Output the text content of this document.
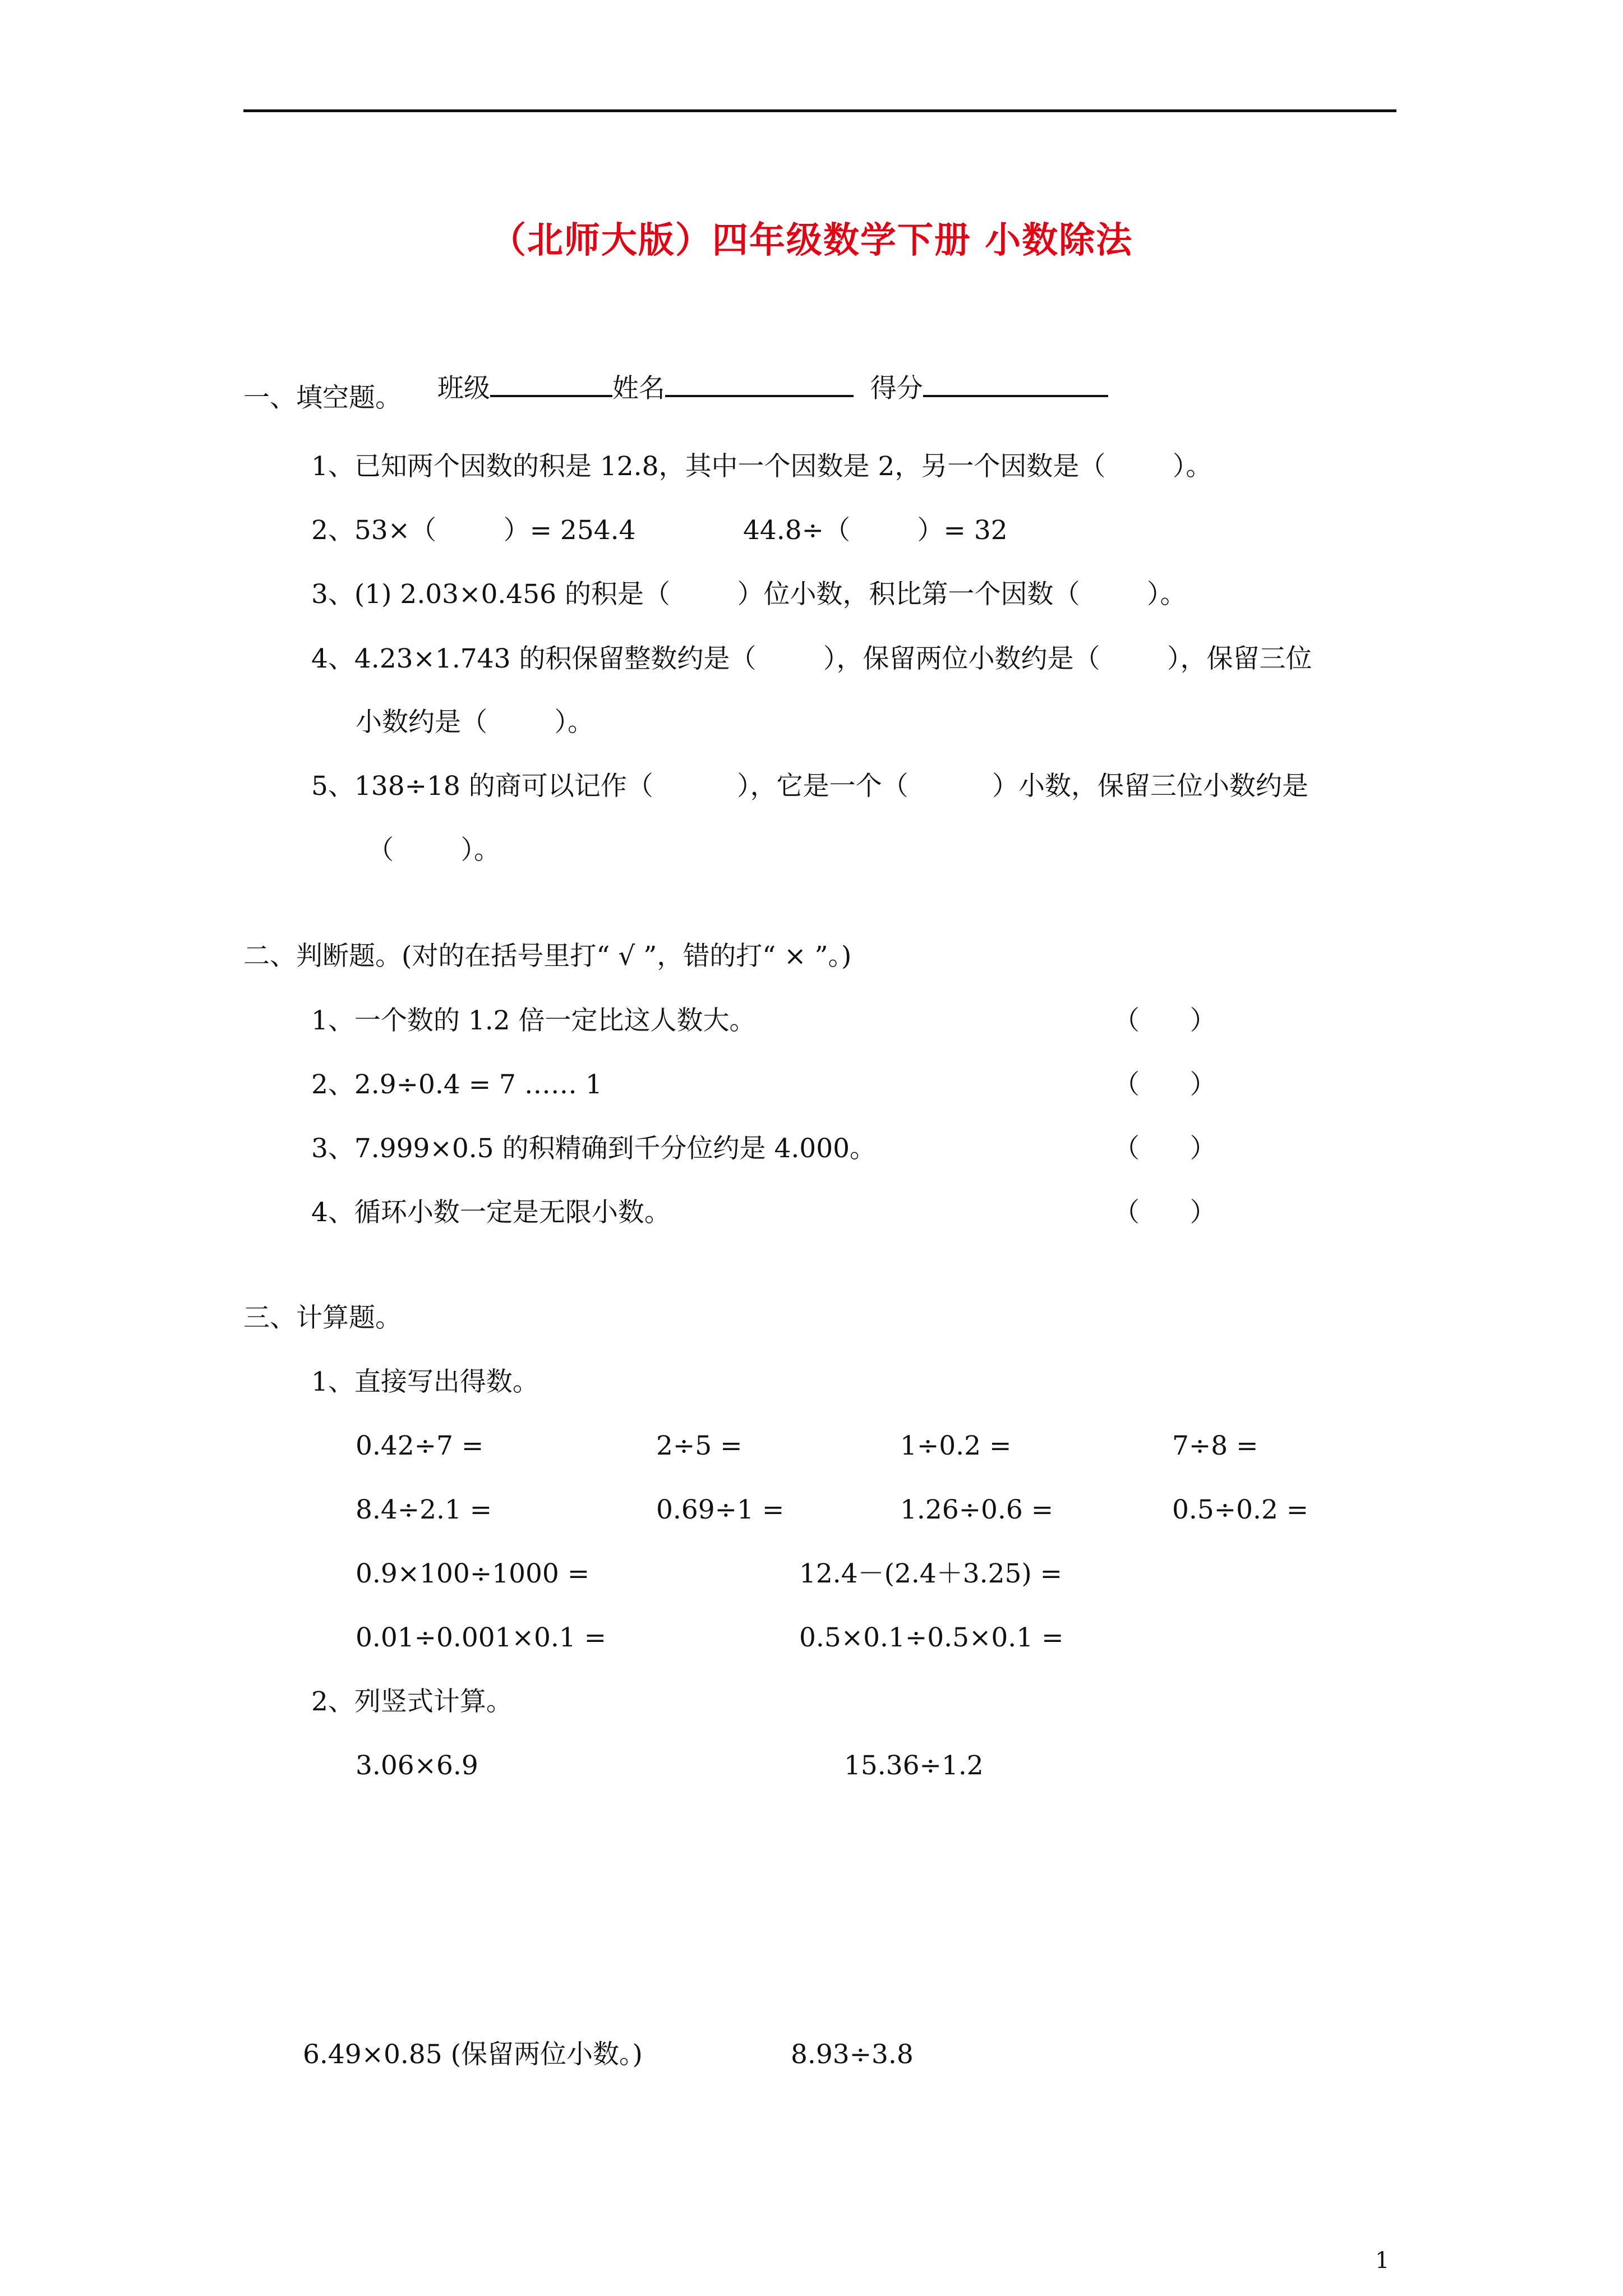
（北师大版）四年级数学下册 小数除法

班级	姓名	得分

一、填空题。
1、已知两个因数的积是 12.8，其中一个因数是 2，另一个因数是（        ）。
2、53×（        ）= 254.4	44.8÷（        ）= 32
3、(1) 2.03×0.456 的积是（        ）位小数，积比第一个因数（        ）。
4、4.23×1.743 的积保留整数约是（        ），保留两位小数约是（        ），保留三位
小数约是（        ）。
5、138÷18 的商可以记作（          ），它是一个（          ）小数，保留三位小数约是
（        ）。
二、判断题。(对的在括号里打“ √ ”，错的打“ × ”。)
1、一个数的 1.2 倍一定比这人数大。	（      ）
2、2.9÷0.4 = 7 …… 1	（      ）
3、7.999×0.5 的积精确到千分位约是 4.000。	（      ）
4、循环小数一定是无限小数。	（      ）
三、计算题。
1、直接写出得数。
0.42÷7 =	2÷5 =	1÷0.2 =	7÷8 =
8.4÷2.1 =	0.69÷1 =	1.26÷0.6 =	0.5÷0.2 =
0.9×100÷1000 =	12.4－(2.4＋3.25) =
0.01÷0.001×0.1 =	0.5×0.1÷0.5×0.1 =
2、列竖式计算。
3.06×6.9	15.36÷1.2
6.49×0.85 (保留两位小数。)	8.93÷3.8
1
